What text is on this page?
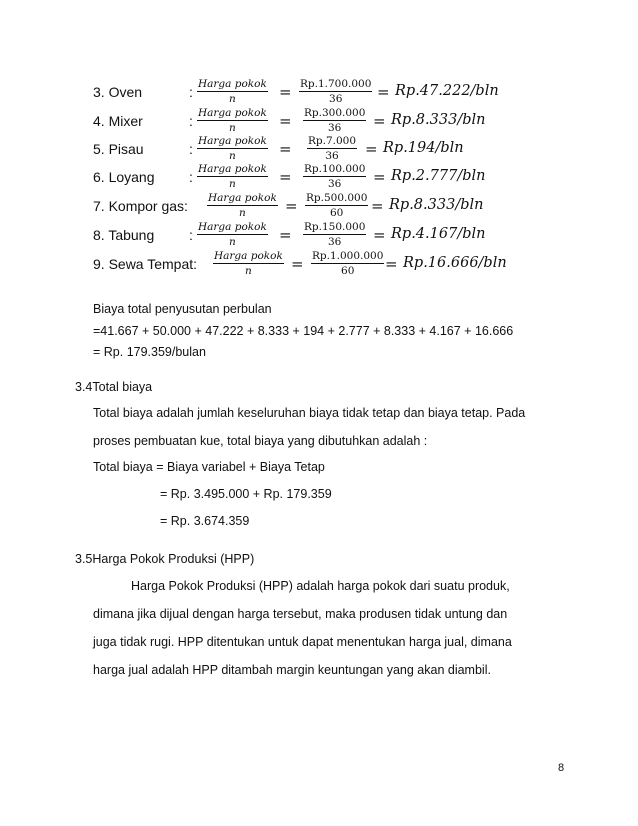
3. Oven	: Harga pokok
n	= Rp.1.700.000
36 = Rp.47.222/bln
4. Mixer	: Harga pokok
n	= Rp.300.000
36 = Rp.8.333/bln
5. Pisau	: Harga pokok
n	= Rp.7.000
36 = Rp.194/bln
6. Loyang : Harga pokok
n	= Rp.100.000
36 = Rp.2.777/bln
7. Kompor gas: Harga pokok
n	= Rp.500.000
60 = Rp.8.333/bln
8. Tabung : Harga pokok
n	= Rp.150.000
36 = Rp.4.167/bln
9. Sewa Tempat: Harga pokok
n	= Rp.1.000.000
60 = Rp.16.666/bln
Biaya total penyusutan perbulan
=41.667 + 50.000 + 47.222 + 8.333 + 194 + 2.777 + 8.333 + 4.167 + 16.666
= Rp. 179.359/bulan
3.4Total biaya
Total biaya adalah jumlah keseluruhan biaya tidak tetap dan biaya tetap. Pada
proses pembuatan kue, total biaya yang dibutuhkan adalah :
Total biaya = Biaya variabel + Biaya Tetap
= Rp. 3.495.000 + Rp. 179.359
= Rp. 3.674.359
3.5Harga Pokok Produksi (HPP)
Harga Pokok Produksi (HPP) adalah harga pokok dari suatu produk,
dimana jika dijual dengan harga tersebut, maka produsen tidak untung dan
juga tidak rugi. HPP ditentukan untuk dapat menentukan harga jual, dimana
harga jual adalah HPP ditambah margin keuntungan yang akan diambil.
8
